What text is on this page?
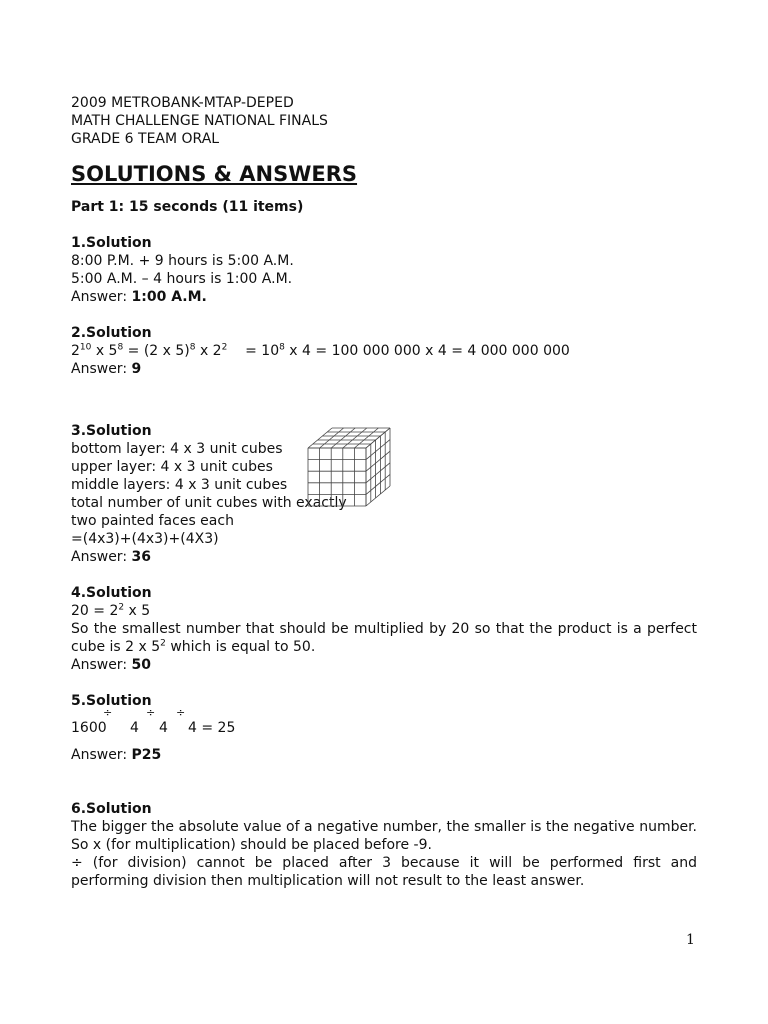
2009 METROBANK-MTAP-DEPED
MATH CHALLENGE NATIONAL FINALS
GRADE 6 TEAM ORAL
SOLUTIONS & ANSWERS
Part 1: 15 seconds (11 items)
1.Solution
8:00 P.M. + 9 hours is 5:00 A.M.
5:00 A.M. – 4 hours is 1:00 A.M.
Answer: 1:00 A.M.
2.Solution
$2^{10}$ x $5^8 = (2$ x 5)$^8$ x $2^2$    = $10^8$ x 4 = 100 000 000 x 4 = 4 000 000 000
Answer: 9
3.Solution
bottom layer: 4 x 3 unit cubes
upper layer: 4 x 3 unit cubes
middle layers: 4 x 3 unit cubes
total number of unit cubes with exactly
two painted faces each
=(4x3)+(4x3)+(4X3)
Answer: 36
4.Solution
$20 = 2^2$ x 5
So the smallest number that should be multiplied by 20 so that the product is a perfect cube is 2 x $5^2$ which is equal to 50.
Answer: 50
5.Solution
÷	÷ ÷
1600 4 4 4 = 25
Answer: P25
6.Solution
The bigger the absolute value of a negative number, the smaller is the negative number. So x (for multiplication) should be placed before -9.
÷ (for division) cannot be placed after 3 because it will be performed first and performing division then multiplication will not result to the least answer.
1
